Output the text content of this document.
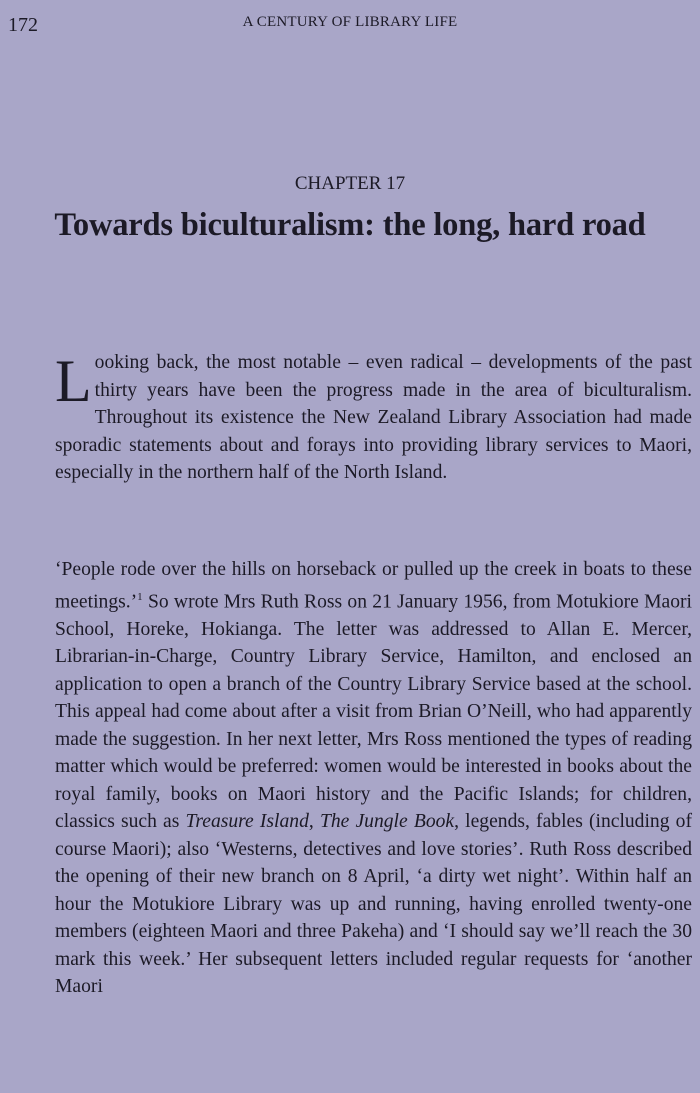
172	A CENTURY OF LIBRARY LIFE
CHAPTER 17
Towards biculturalism: the long, hard road

Looking back, the most notable – even radical – developments of the past thirty years have been the progress made in the area of biculturalism. Throughout its existence the New Zealand Library Association had made sporadic statements about and forays into providing library services to Maori, especially in the northern half of the North Island.

‘People rode over the hills on horseback or pulled up the creek in boats to these meetings.’$^1$ So wrote Mrs Ruth Ross on 21 January 1956, from Motukiore Maori School, Horeke, Hokianga. The letter was addressed to Allan E. Mercer, Librarian-in-Charge, Country Library Service, Hamilton, and enclosed an application to open a branch of the Country Library Service based at the school. This appeal had come about after a visit from Brian O’Neill, who had apparently made the suggestion. In her next letter, Mrs Ross mentioned the types of reading matter which would be preferred: women would be interested in books about the royal family, books on Maori history and the Pacific Islands; for children, classics such as Treasure Island, The Jungle Book, legends, fables (including of course Maori); also ‘Westerns, detectives and love stories’. Ruth Ross described the opening of their new branch on 8 April, ‘a dirty wet night’. Within half an hour the Motukiore Library was up and running, having enrolled twenty-one members (eighteen Maori and three Pakeha) and ‘I should say we’ll reach the 30 mark this week.’ Her subsequent letters included regular requests for ‘another Maori
